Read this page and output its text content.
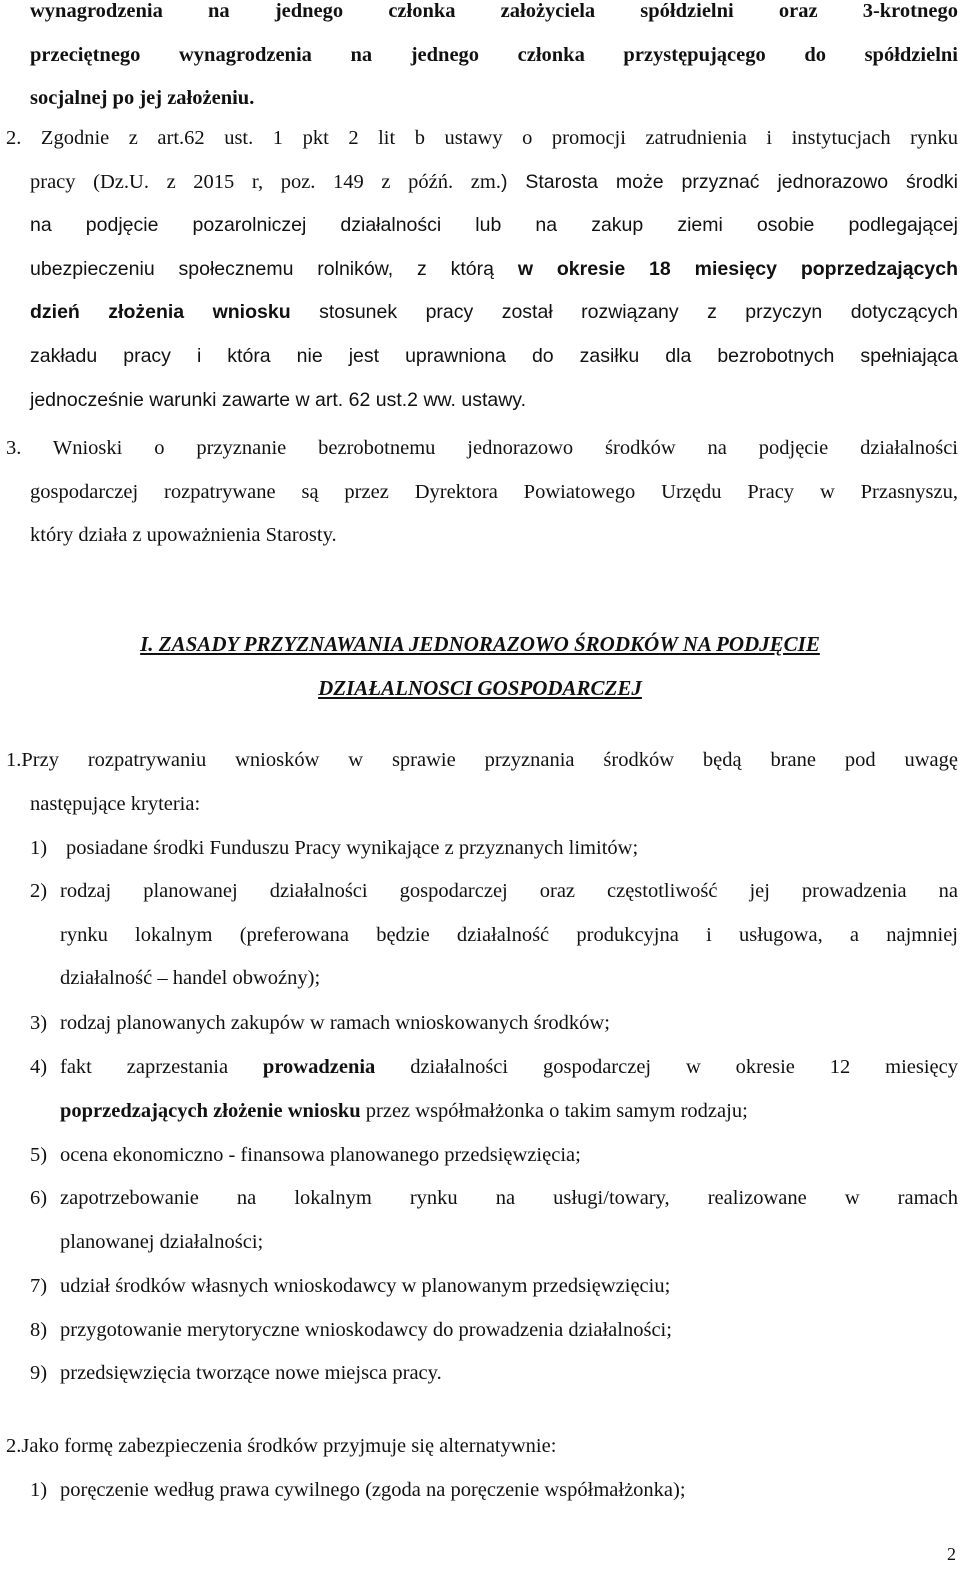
wynagrodzenia na jednego członka założyciela spółdzielni oraz 3-krotnego
przeciętnego wynagrodzenia na jednego członka przystępującego do spółdzielni
socjalnej po jej założeniu.
2. Zgodnie z art.62 ust. 1 pkt 2 lit b ustawy o promocji zatrudnienia i instytucjach rynku
pracy (Dz.U. z 2015 r, poz. 149 z późń. zm.) Starosta może przyznać jednorazowo środki
na podjęcie pozarolniczej działalności lub na zakup ziemi osobie podlegającej
ubezpieczeniu społecznemu rolników, z którą w okresie 18 miesięcy poprzedzających
dzień złożenia wniosku stosunek pracy został rozwiązany z przyczyn dotyczących
zakładu pracy i która nie jest uprawniona do zasiłku dla bezrobotnych spełniająca
jednocześnie warunki zawarte w art. 62 ust.2 ww. ustawy.
3. Wnioski o przyznanie bezrobotnemu jednorazowo środków na podjęcie działalności
gospodarczej rozpatrywane są przez Dyrektora Powiatowego Urzędu Pracy w Przasnyszu,
który działa z upoważnienia Starosty.
I. ZASADY PRZYZNAWANIA JEDNORAZOWO ŚRODKÓW NA PODJĘCIE
DZIAŁALNOSCI GOSPODARCZEJ
1.Przy rozpatrywaniu wniosków w sprawie przyznania środków będą brane pod uwagę
następujące kryteria:
1) posiadane środki Funduszu Pracy wynikające z przyznanych limitów;
2) rodzaj planowanej działalności gospodarczej oraz częstotliwość jej prowadzenia na
rynku lokalnym (preferowana będzie działalność produkcyjna i usługowa, a najmniej
działalność – handel obwoźny);
3) rodzaj planowanych zakupów w ramach wnioskowanych środków;
4) fakt zaprzestania prowadzenia działalności gospodarczej w okresie 12 miesięcy
poprzedzających złożenie wniosku przez współmałżonka o takim samym rodzaju;
5) ocena ekonomiczno - finansowa planowanego przedsięwzięcia;
6) zapotrzebowanie na lokalnym rynku na usługi/towary, realizowane w ramach
planowanej działalności;
7) udział środków własnych wnioskodawcy w planowanym przedsięwzięciu;
8) przygotowanie merytoryczne wnioskodawcy do prowadzenia działalności;
9) przedsięwzięcia tworzące nowe miejsca pracy.
2.Jako formę zabezpieczenia środków przyjmuje się alternatywnie:
1) poręczenie według prawa cywilnego (zgoda na poręczenie współmałżonka);
2
